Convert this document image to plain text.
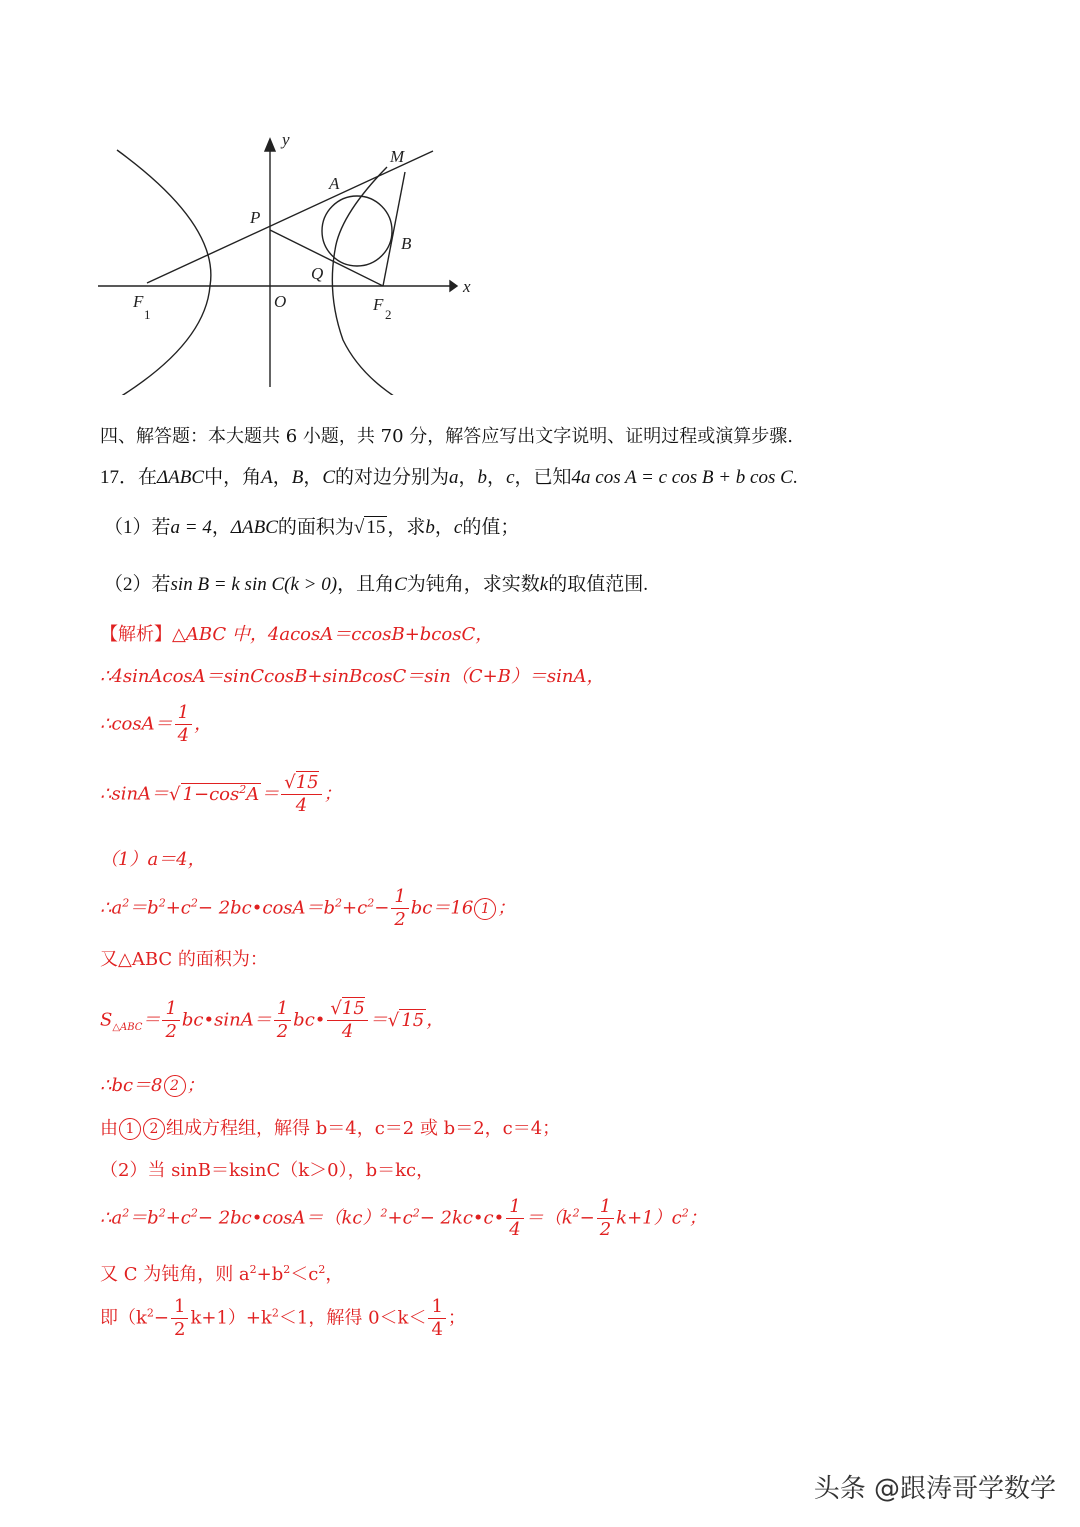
y
x
M
A
P
B
Q
O
F
1
F
2
四、解答题：本大题共 6 小题，共 70 分，解答应写出文字说明、证明过程或演算步骤.
17．在ΔABC中，角A，B，C的对边分别为a，b，c，已知4a cos A = c cos B + b cos C.
（1）若a = 4，ΔABC的面积为√ 15 ，求b，c的值；
（2）若sin B = k sin C(k > 0)，且角C为钝角，求实数k的取值范围.
【解析】△ABC 中，4acosA＝ccosB+bcosC，
∴4sinAcosA＝sinCcosB+sinBcosC＝sin（C+B）＝sinA，
∴cosA＝ $\frac{1}{4}$ ，
∴sinA＝√ $1-\cos^2A = \frac{√15}{4}$ ；
（1）a＝4，
$\therefore a^2=b^2+c^2-$ $2bc•\cos A=b^2+c^2- \frac{1}{2} bc=16$ 1 ；
又△ABC 的面积为：
$S_{\triangle ABC}= \frac{1}{2}$ bc•sinA＝ $\frac{1}{2}$ bc• $\frac{√15}{4}$ ＝√ 15 ，
∴bc＝8 2 ；
由 1 2 组成方程组，解得 b＝4，c＝2 或 b＝2，c＝4；
（2）当 sinB＝ksinC（k＞0），b＝kc，
$\therefore a^2=b^2+c^2-$ $2bc•\cos A=(kc)^2+c^2-$ 2kc•c• $\frac{1}{4} =(k^2- \frac{1}{2} k+1)c^2$；
又 C 为钝角，则 $a^2+b^2<c^2$，
即$(k^2- \frac{1}{2} k+1)+k^2<1$，解得 $0<k< \frac{1}{4}$ ；
头条 @跟涛哥学数学
